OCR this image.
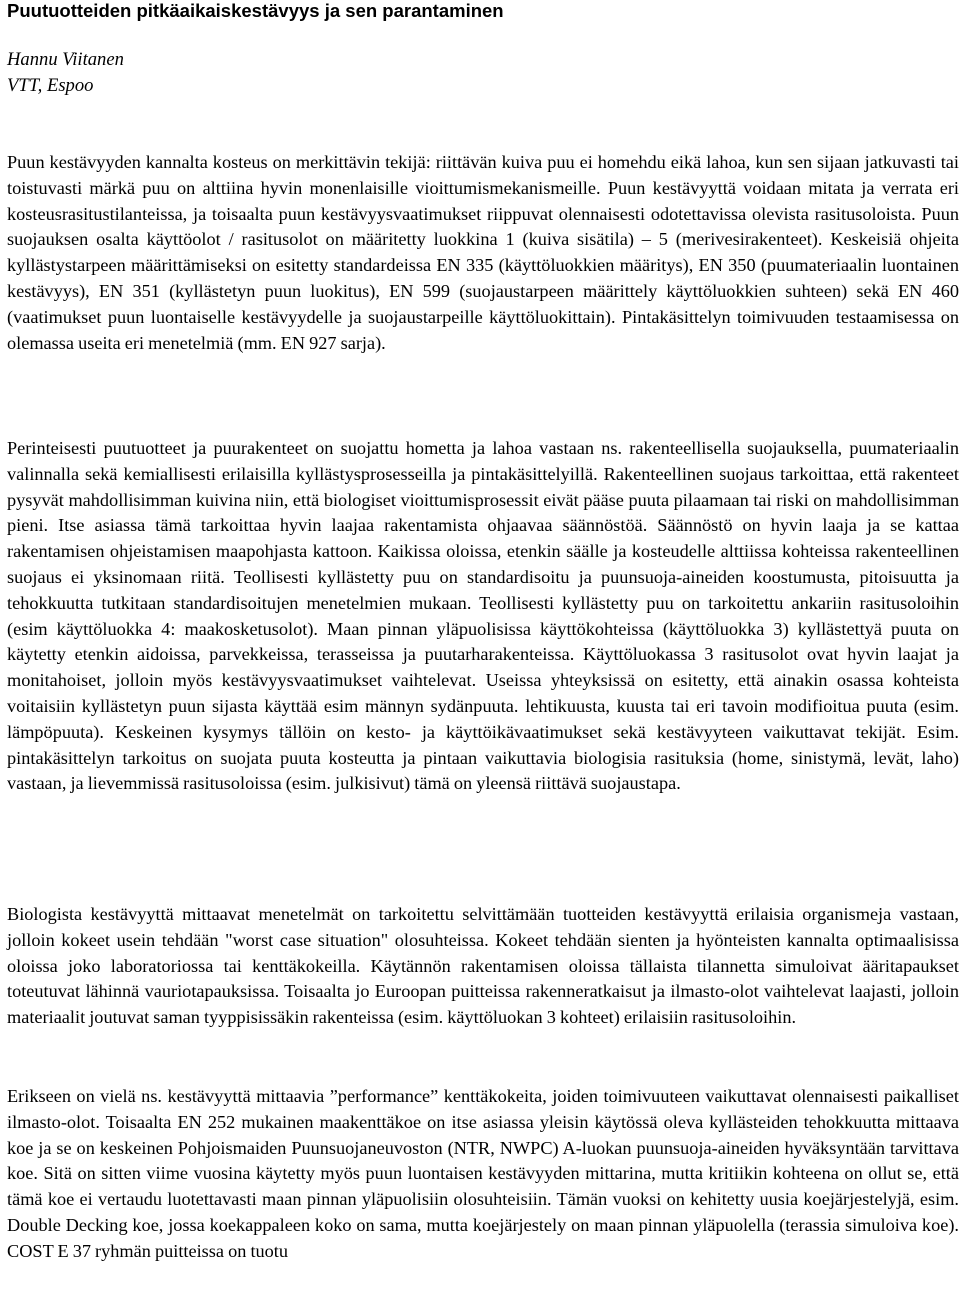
Puutuotteiden pitkäaikaiskestävyys ja sen parantaminen

Hannu Viitanen

VTT, Espoo

Puun kestävyyden kannalta kosteus on merkittävin tekijä: riittävän kuiva puu ei homehdu eikä lahoa, kun sen sijaan jatkuvasti tai toistuvasti märkä puu on alttiina hyvin monenlaisille vioittumismekanismeille. Puun kestävyyttä voidaan mitata ja verrata eri kosteusrasitustilanteissa, ja toisaalta puun kestävyysvaatimukset riippuvat olennaisesti odotettavissa olevista rasitusoloista. Puun suojauksen osalta käyttöolot / rasitusolot on määritetty luokkina 1 (kuiva sisätila) – 5 (merivesirakenteet). Keskeisiä ohjeita kyllästystarpeen määrittämiseksi on esitetty standardeissa EN 335 (käyttöluokkien määritys), EN 350 (puumateriaalin luontainen kestävyys), EN 351 (kyllästetyn puun luokitus), EN 599 (suojaustarpeen määrittely käyttöluokkien suhteen) sekä EN 460 (vaatimukset puun luontaiselle kestävyydelle ja suojaustarpeille käyttöluokittain). Pintakäsittelyn toimivuuden testaamisessa on olemassa useita eri menetelmiä (mm. EN 927 sarja).

Perinteisesti puutuotteet ja puurakenteet on suojattu hometta ja lahoa vastaan ns. rakenteellisella suojauksella, puumateriaalin valinnalla sekä kemiallisesti erilaisilla kyllästysprosesseilla ja pintakäsittelyillä. Rakenteellinen suojaus tarkoittaa, että rakenteet pysyvät mahdollisimman kuivina niin, että biologiset vioittumisprosessit eivät pääse puuta pilaamaan tai riski on mahdollisimman pieni. Itse asiassa tämä tarkoittaa hyvin laajaa rakentamista ohjaavaa säännöstöä. Säännöstö on hyvin laaja ja se kattaa rakentamisen ohjeistamisen maapohjasta kattoon. Kaikissa oloissa, etenkin säälle ja kosteudelle alttiissa kohteissa rakenteellinen suojaus ei yksinomaan riitä. Teollisesti kyllästetty puu on standardisoitu ja puunsuoja-aineiden koostumusta, pitoisuutta ja tehokkuutta tutkitaan standardisoitujen menetelmien mukaan. Teollisesti kyllästetty puu on tarkoitettu ankariin rasitusoloihin (esim käyttöluokka 4: maakosketusolot). Maan pinnan yläpuolisissa käyttökohteissa (käyttöluokka 3) kyllästettyä puuta on käytetty etenkin aidoissa, parvekkeissa, terasseissa ja puutarharakenteissa. Käyttöluokassa 3 rasitusolot ovat hyvin laajat ja monitahoiset, jolloin myös kestävyysvaatimukset vaihtelevat. Useissa yhteyksissä on esitetty, että ainakin osassa kohteista voitaisiin kyllästetyn puun sijasta käyttää esim männyn sydänpuuta. lehtikuusta, kuusta tai eri tavoin modifioitua puuta (esim. lämpöpuuta). Keskeinen kysymys tällöin on kesto- ja käyttöikävaatimukset sekä kestävyyteen vaikuttavat tekijät. Esim. pintakäsittelyn tarkoitus on suojata puuta kosteutta ja pintaan vaikuttavia biologisia rasituksia (home, sinistymä, levät, laho) vastaan, ja lievemmissä rasitusoloissa (esim. julkisivut) tämä on yleensä riittävä suojaustapa.

Biologista kestävyyttä mittaavat menetelmät on tarkoitettu selvittämään tuotteiden kestävyyttä erilaisia organismeja vastaan, jolloin kokeet usein tehdään "worst case situation" olosuhteissa. Kokeet tehdään sienten ja hyönteisten kannalta optimaalisissa oloissa joko laboratoriossa tai kenttäkokeilla. Käytännön rakentamisen oloissa tällaista tilannetta simuloivat ääritapaukset toteutuvat lähinnä vauriotapauksissa. Toisaalta jo Euroopan puitteissa rakenneratkaisut ja ilmasto-olot vaihtelevat laajasti, jolloin materiaalit joutuvat saman tyyppisissäkin rakenteissa (esim. käyttöluokan 3 kohteet) erilaisiin rasitusoloihin.

Erikseen on vielä ns. kestävyyttä mittaavia ”performance” kenttäkokeita, joiden toimivuuteen vaikuttavat olennaisesti paikalliset ilmasto-olot. Toisaalta EN 252 mukainen maakenttäkoe on itse asiassa yleisin käytössä oleva kyllästeiden tehokkuutta mittaava koe ja se on keskeinen Pohjoismaiden Puunsuojaneuvoston (NTR, NWPC) A-luokan puunsuoja-aineiden hyväksyntään tarvittava koe. Sitä on sitten viime vuosina käytetty myös puun luontaisen kestävyyden mittarina, mutta kritiikin kohteena on ollut se, että tämä koe ei vertaudu luotettavasti maan pinnan yläpuolisiin olosuhteisiin. Tämän vuoksi on kehitetty uusia koejärjestelyjä, esim. Double Decking koe, jossa koekappaleen koko on sama, mutta koejärjestely on maan pinnan yläpuolella (terassia simuloiva koe). COST E 37 ryhmän puitteissa on tuotu
